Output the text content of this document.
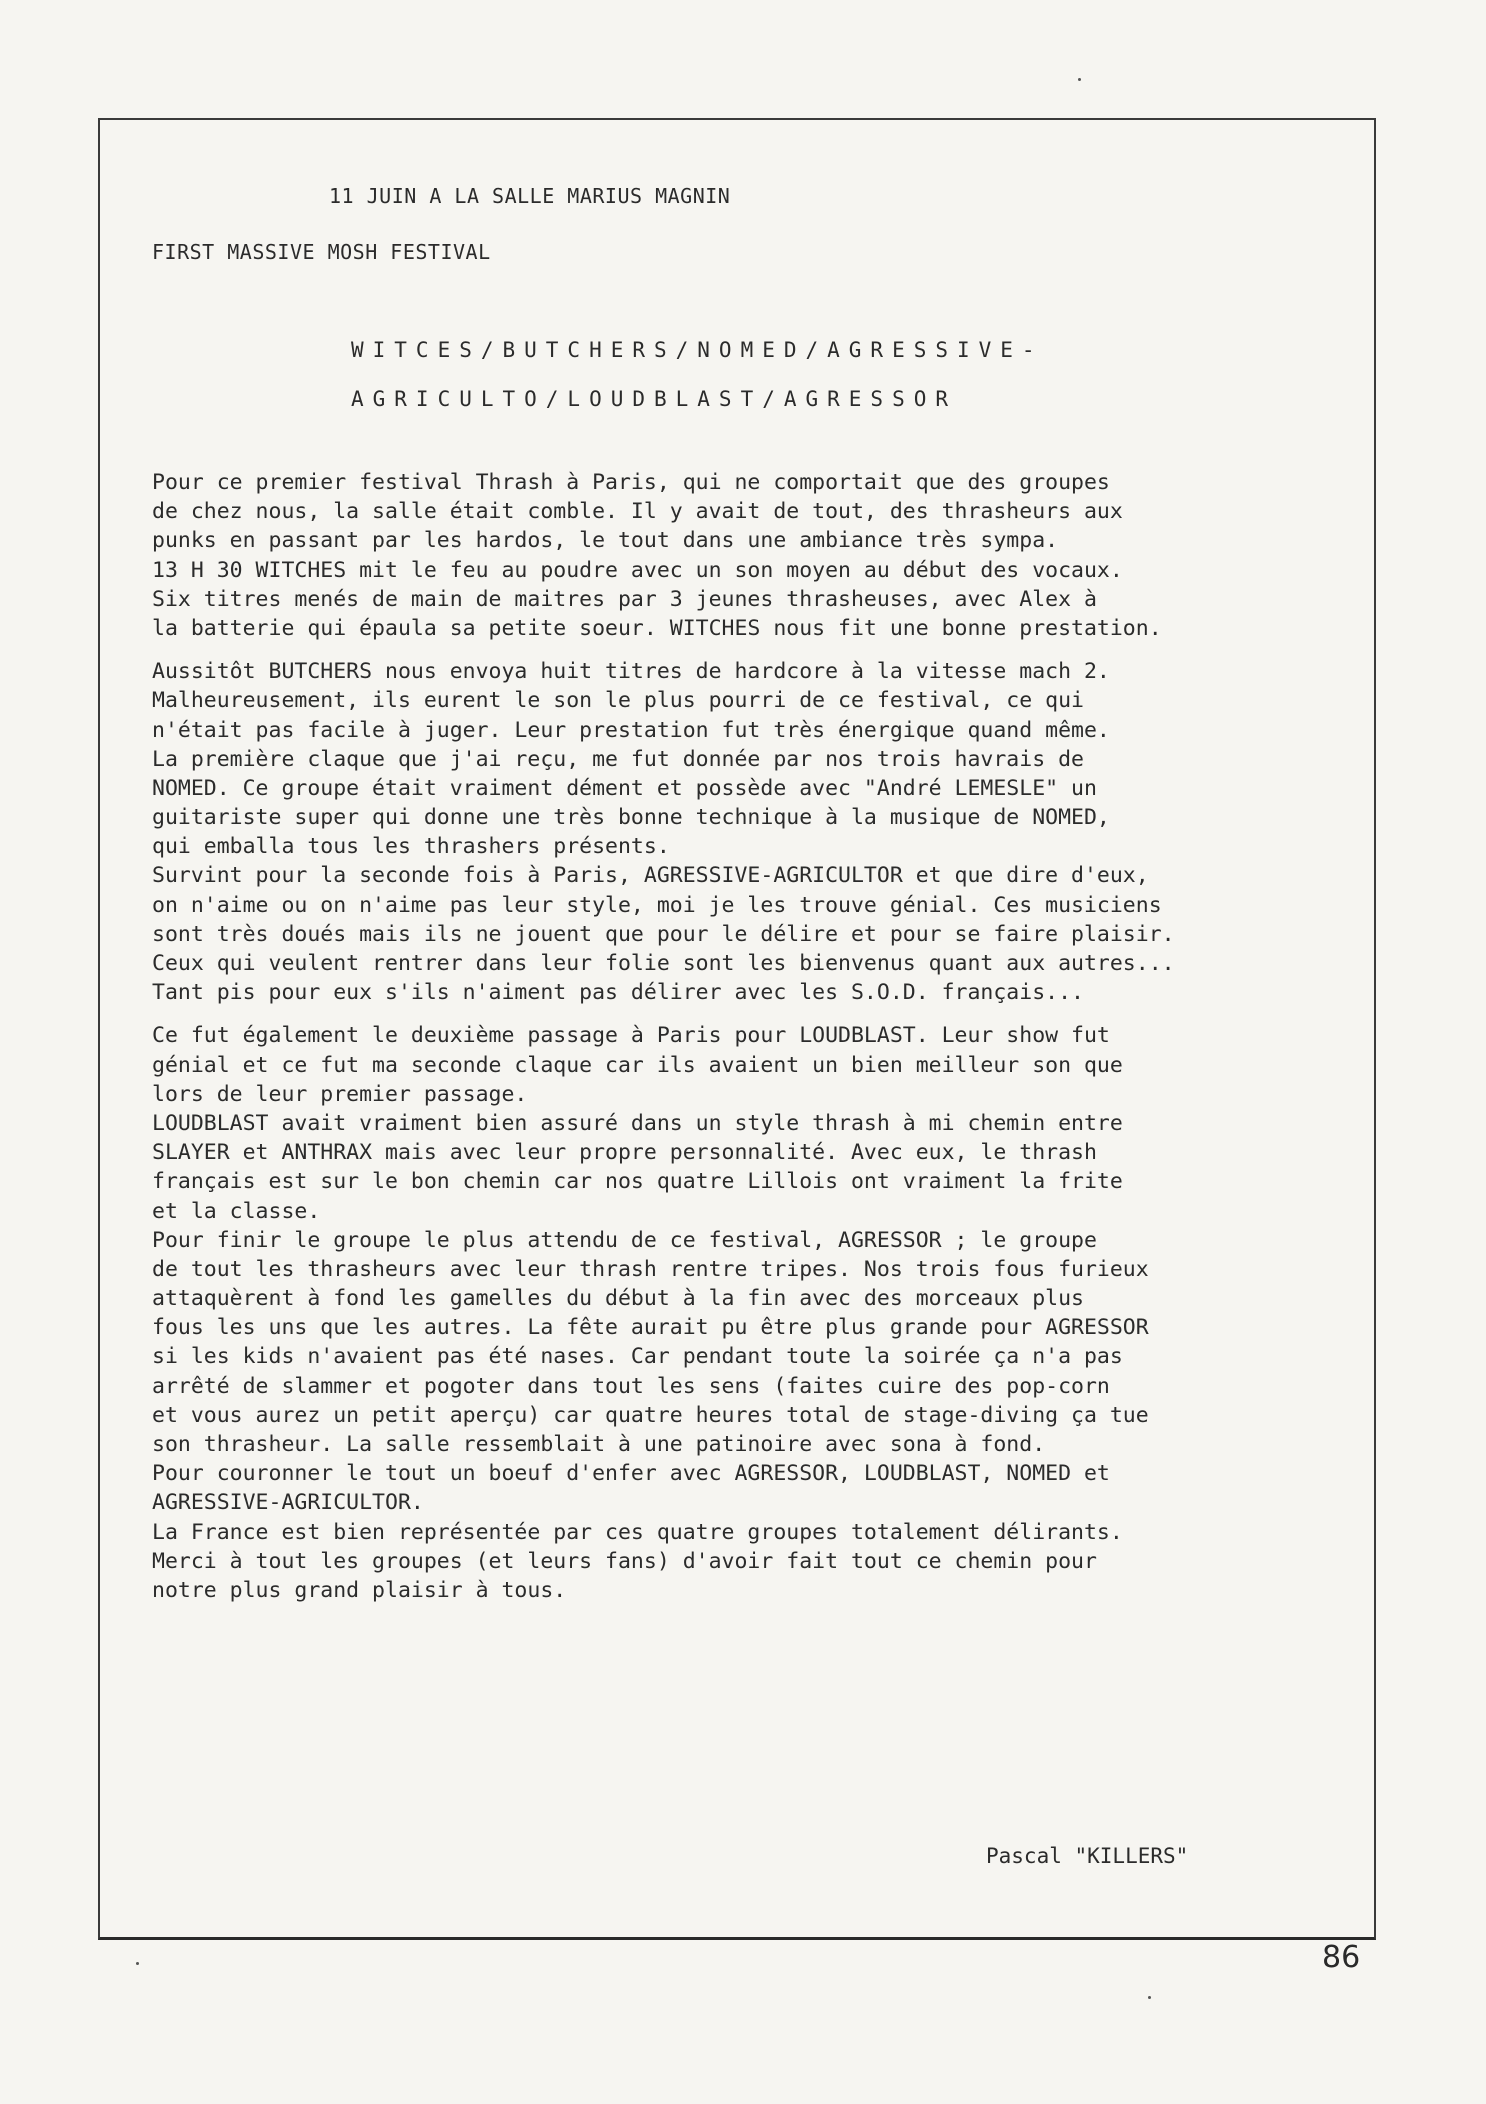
11 JUIN A LA SALLE MARIUS MAGNIN
FIRST MASSIVE MOSH FESTIVAL
WITCES/BUTCHERS/NOMED/AGRESSIVE-
AGRICULTO/LOUDBLAST/AGRESSOR
Pour ce premier festival Thrash à Paris, qui ne comportait que des groupes
de chez nous, la salle était comble. Il y avait de tout, des thrasheurs aux
punks en passant par les hardos, le tout dans une ambiance très sympa.
13 H 30 WITCHES mit le feu au poudre avec un son moyen au début des vocaux.
Six titres menés de main de maitres par 3 jeunes thrasheuses, avec Alex à
la batterie qui épaula sa petite soeur. WITCHES nous fit une bonne prestation.
Aussitôt BUTCHERS nous envoya huit titres de hardcore à la vitesse mach 2.
Malheureusement, ils eurent le son le plus pourri de ce festival, ce qui
n'était pas facile à juger. Leur prestation fut très énergique quand même.
La première claque que j'ai reçu, me fut donnée par nos trois havrais de
NOMED. Ce groupe était vraiment dément et possède avec "André LEMESLE" un
guitariste super qui donne une très bonne technique à la musique de NOMED,
qui emballa tous les thrashers présents.
Survint pour la seconde fois à Paris, AGRESSIVE-AGRICULTOR et que dire d'eux,
on n'aime ou on n'aime pas leur style, moi je les trouve génial. Ces musiciens
sont très doués mais ils ne jouent que pour le délire et pour se faire plaisir.
Ceux qui veulent rentrer dans leur folie sont les bienvenus quant aux autres...
Tant pis pour eux s'ils n'aiment pas délirer avec les S.O.D. français...
Ce fut également le deuxième passage à Paris pour LOUDBLAST. Leur show fut
génial et ce fut ma seconde claque car ils avaient un bien meilleur son que
lors de leur premier passage.
LOUDBLAST avait vraiment bien assuré dans un style thrash à mi chemin entre
SLAYER et ANTHRAX mais avec leur propre personnalité. Avec eux, le thrash
français est sur le bon chemin car nos quatre Lillois ont vraiment la frite
et la classe.
Pour finir le groupe le plus attendu de ce festival, AGRESSOR ; le groupe
de tout les thrasheurs avec leur thrash rentre tripes. Nos trois fous furieux
attaquèrent à fond les gamelles du début à la fin avec des morceaux plus
fous les uns que les autres. La fête aurait pu être plus grande pour AGRESSOR
si les kids n'avaient pas été nases. Car pendant toute la soirée ça n'a pas
arrêté de slammer et pogoter dans tout les sens (faites cuire des pop-corn
et vous aurez un petit aperçu) car quatre heures total de stage-diving ça tue
son thrasheur. La salle ressemblait à une patinoire avec sona à fond.
Pour couronner le tout un boeuf d'enfer avec AGRESSOR, LOUDBLAST, NOMED et
AGRESSIVE-AGRICULTOR.
La France est bien représentée par ces quatre groupes totalement délirants.
Merci à tout les groupes (et leurs fans) d'avoir fait tout ce chemin pour
notre plus grand plaisir à tous.
Pascal "KILLERS"
86
